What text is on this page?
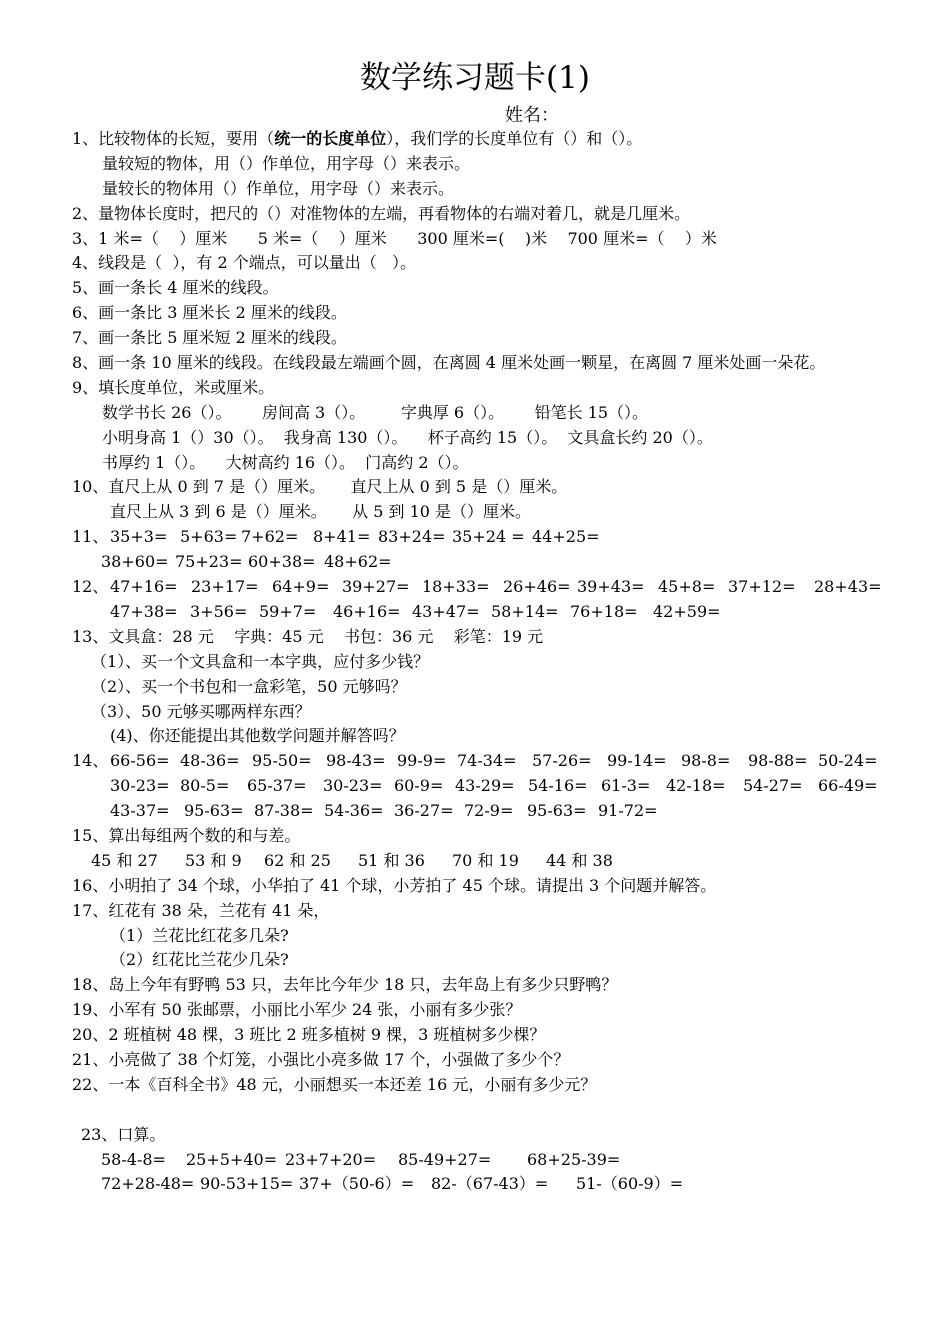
数学练习题卡(1)
姓名：
1、比较物体的长短，要用（统一的长度单位），我们学的长度单位有（）和（）。
量较短的物体，用（）作单位，用字母（）来表示。
量较长的物体用（）作单位，用字母（）来表示。
2、量物体长度时，把尺的（）对准物体的左端，再看物体的右端对着几，就是几厘米。
3、1 米=（    ）厘米      5 米=（    ）厘米      300 厘米=(    )米    700 厘米=（    ）米
4、线段是（  ），有 2 个端点，可以量出（   ）。
5、画一条长 4 厘米的线段。
6、画一条比 3 厘米长 2 厘米的线段。
7、画一条比 5 厘米短 2 厘米的线段。
8、画一条 10 厘米的线段。在线段最左端画个圆，在离圆 4 厘米处画一颗星，在离圆 7 厘米处画一朵花。
9、填长度单位，米或厘米。
数学书长 26（）。      房间高 3（）。       字典厚 6（）。      铅笔长 15（）。
小明身高 1（）30（）。  我身高 130（）。    杯子高约 15（）。  文具盒长约 20（）。
书厚约 1（）。    大树高约 16（）。  门高约 2（）。
10、直尺上从 0 到 7 是（）厘米。     直尺上从 0 到 5 是（）厘米。
直尺上从 3 到 6 是（）厘米。     从 5 到 10 是（）厘米。
11、 35+3= 5+63= 7+62= 8+41= 83+24= 35+24 = 44+25=
38+60= 75+23= 60+38= 48+62=
12、 47+16= 23+17= 64+9= 39+27= 18+33= 26+46= 39+43= 45+8= 37+12= 28+43=
47+38= 3+56= 59+7= 46+16= 43+47= 58+14= 76+18= 42+59=
13、文具盒：28 元    字典：45 元    书包：36 元    彩笔：19 元
（1）、买一个文具盒和一本字典，应付多少钱？
（2）、买一个书包和一盒彩笔，50 元够吗？
（3）、50 元够买哪两样东西？
(4)、你还能提出其他数学问题并解答吗？
14、 66-56= 48-36= 95-50= 98-43= 99-9= 74-34= 57-26= 99-14= 98-8= 98-88= 50-24=
30-23= 80-5= 65-37= 30-23= 60-9= 43-29= 54-16= 61-3= 42-18= 54-27= 66-49=
43-37= 95-63= 87-38= 54-36= 36-27= 72-9= 95-63= 91-72=
15、算出每组两个数的和与差。
45 和 27 53 和 9 62 和 25 51 和 36 70 和 19 44 和 38
16、小明拍了 34 个球，小华拍了 41 个球，小芳拍了 45 个球。请提出 3 个问题并解答。
17、红花有 38 朵，兰花有 41 朵，
（1）兰花比红花多几朵?
（2）红花比兰花少几朵?
18、岛上今年有野鸭 53 只，去年比今年少 18 只，去年岛上有多少只野鸭？
19、小军有 50 张邮票，小丽比小军少 24 张，小丽有多少张？
20、2 班植树 48 棵，3 班比 2 班多植树 9 棵，3 班植树多少棵？
21、小亮做了 38 个灯笼，小强比小亮多做 17 个，小强做了多少个？
22、一本《百科全书》48 元，小丽想买一本还差 16 元，小丽有多少元？
23、口算。
58-4-8= 25+5+40= 23+7+20= 85-49+27= 68+25-39=
72+28-48= 90-53+15= 37+（50-6）= 82-（67-43）= 51-（60-9）=
